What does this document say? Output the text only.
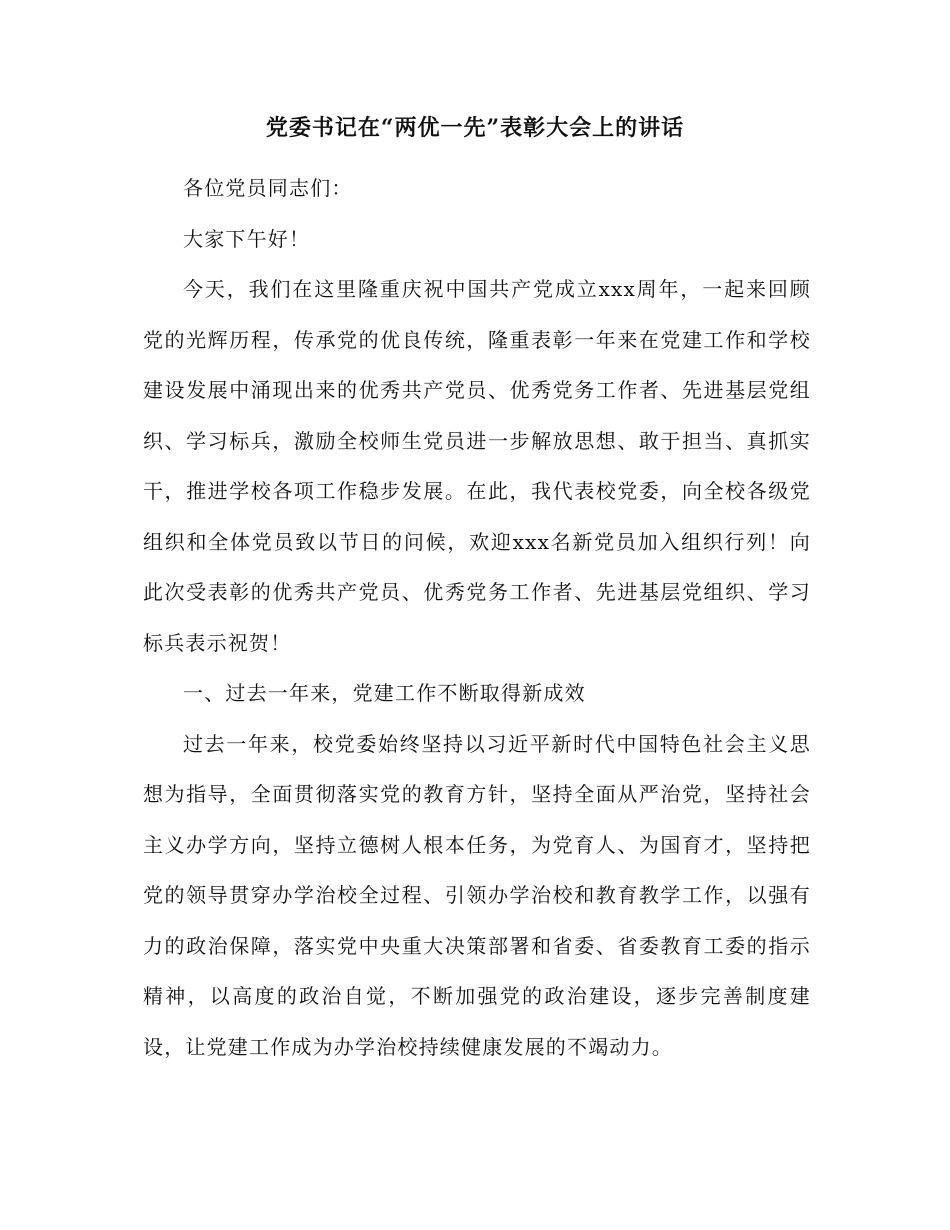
党委书记在“两优一先”表彰大会上的讲话

各位党员同志们：

大家下午好！

今天，我们在这里隆重庆祝中国共产党成立xxx周年，一起来回顾党的光辉历程，传承党的优良传统，隆重表彰一年来在党建工作和学校建设发展中涌现出来的优秀共产党员、优秀党务工作者、先进基层党组织、学习标兵，激励全校师生党员进一步解放思想、敢于担当、真抓实干，推进学校各项工作稳步发展。在此，我代表校党委，向全校各级党组织和全体党员致以节日的问候，欢迎xxx名新党员加入组织行列！向此次受表彰的优秀共产党员、优秀党务工作者、先进基层党组织、学习标兵表示祝贺！

一、过去一年来，党建工作不断取得新成效

过去一年来，校党委始终坚持以习近平新时代中国特色社会主义思想为指导，全面贯彻落实党的教育方针，坚持全面从严治党，坚持社会主义办学方向，坚持立德树人根本任务，为党育人、为国育才，坚持把党的领导贯穿办学治校全过程、引领办学治校和教育教学工作，以强有力的政治保障，落实党中央重大决策部署和省委、省委教育工委的指示精神，以高度的政治自觉，不断加强党的政治建设，逐步完善制度建设，让党建工作成为办学治校持续健康发展的不竭动力。
